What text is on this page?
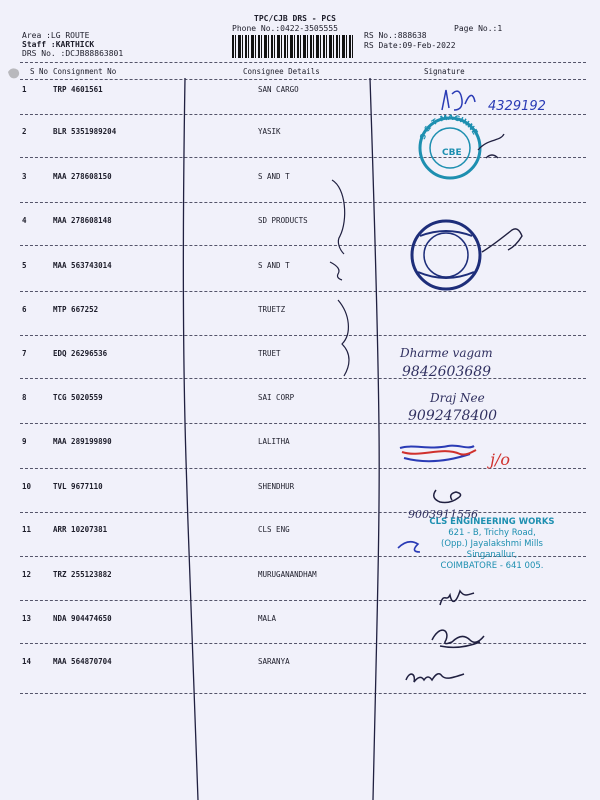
TPC/CJB DRS - PCS
Phone No.:0422-3505555
RS No.:888638
Page No.:1
RS Date:09-Feb-2022
Area :LG ROUTE
Staff :KARTHICK
DRS No. :DCJB88863801
S No Consignment No	Consignee Details	Signature
1	TRP 4601561	SAN CARGO
2	BLR 5351989204	YASIK
3	MAA 278608150	S AND T
4	MAA 278608148	SD PRODUCTS
5	MAA 563743014	S AND T
6	MTP 667252	TRUETZ
7	EDQ 26296536	TRUET
8	TCG 5020559	SAI CORP
9	MAA 289199890	LALITHA
10	TVL 9677110	SHENDHUR
11	ARR 10207381	CLS ENG
12	TRZ 255123882	MURUGANANDHAM
13	NDA 904474650	MALA
14	MAA 564870704	SARANYA
4329192
S & T MACHINE
CBE
Dharme vagam
9842603689
Draj Nee
9092478400
j/o
9003911556
CLS ENGINEERING WORKS
621 - B, Trichy Road,
(Opp.) Jayalakshmi Mills
Singanallur,
COIMBATORE - 641 005.
